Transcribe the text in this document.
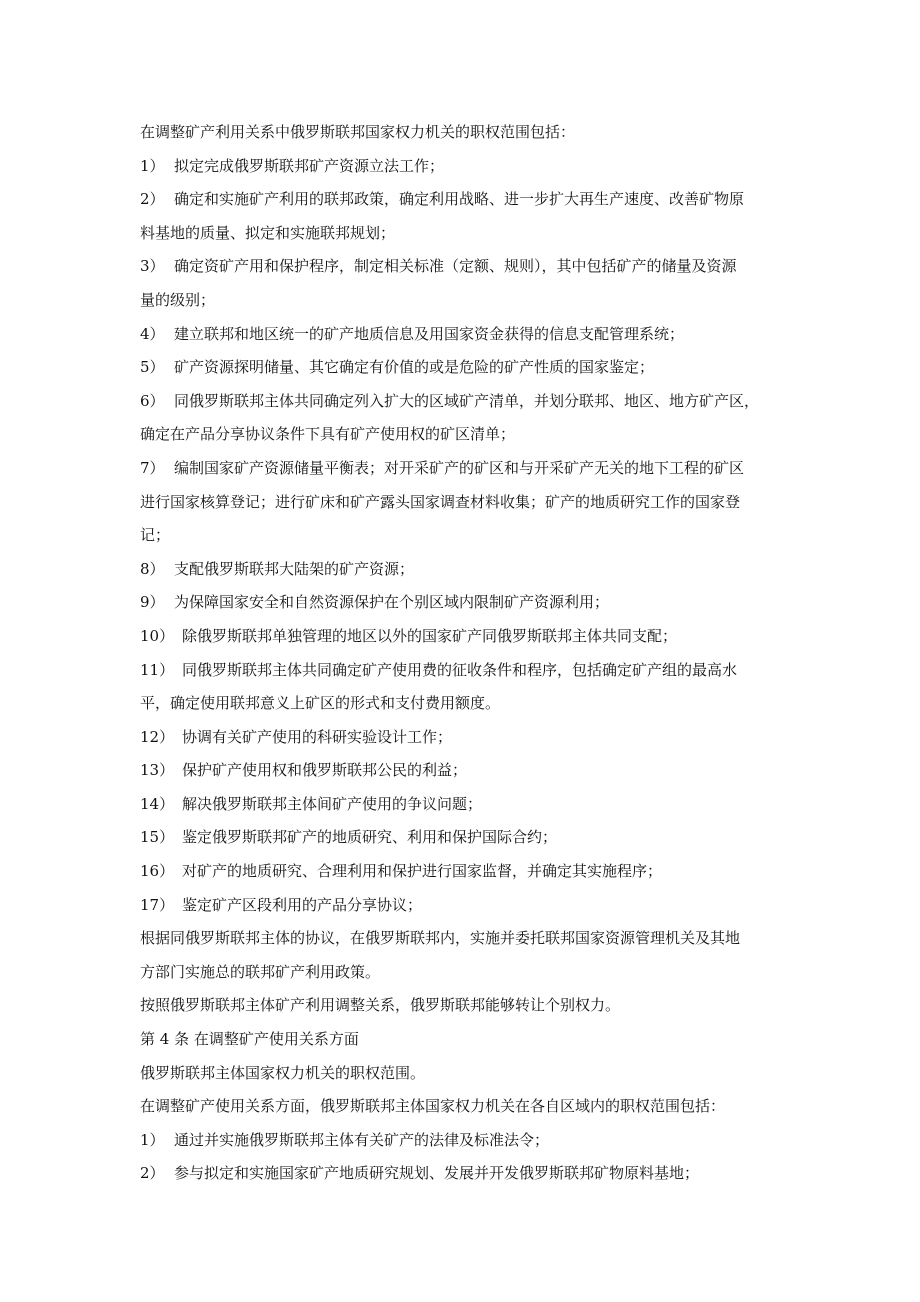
在调整矿产利用关系中俄罗斯联邦国家权力机关的职权范围包括：
1） 拟定完成俄罗斯联邦矿产资源立法工作；
2） 确定和实施矿产利用的联邦政策，确定利用战略、进一步扩大再生产速度、改善矿物原
料基地的质量、拟定和实施联邦规划；
3） 确定资矿产用和保护程序，制定相关标准（定额、规则），其中包括矿产的储量及资源
量的级别；
4） 建立联邦和地区统一的矿产地质信息及用国家资金获得的信息支配管理系统；
5） 矿产资源探明储量、其它确定有价值的或是危险的矿产性质的国家鉴定；
6） 同俄罗斯联邦主体共同确定列入扩大的区域矿产清单，并划分联邦、地区、地方矿产区，
确定在产品分享协议条件下具有矿产使用权的矿区清单；
7） 编制国家矿产资源储量平衡表；对开采矿产的矿区和与开采矿产无关的地下工程的矿区
进行国家核算登记；进行矿床和矿产露头国家调查材料收集；矿产的地质研究工作的国家登
记；
8） 支配俄罗斯联邦大陆架的矿产资源；
9） 为保障国家安全和自然资源保护在个别区域内限制矿产资源利用；
10） 除俄罗斯联邦单独管理的地区以外的国家矿产同俄罗斯联邦主体共同支配；
11） 同俄罗斯联邦主体共同确定矿产使用费的征收条件和程序，包括确定矿产组的最高水
平，确定使用联邦意义上矿区的形式和支付费用额度。
12） 协调有关矿产使用的科研实验设计工作；
13） 保护矿产使用权和俄罗斯联邦公民的利益；
14） 解决俄罗斯联邦主体间矿产使用的争议问题；
15） 鉴定俄罗斯联邦矿产的地质研究、利用和保护国际合约；
16） 对矿产的地质研究、合理利用和保护进行国家监督，并确定其实施程序；
17） 鉴定矿产区段利用的产品分享协议；
根据同俄罗斯联邦主体的协议，在俄罗斯联邦内，实施并委托联邦国家资源管理机关及其地
方部门实施总的联邦矿产利用政策。
按照俄罗斯联邦主体矿产利用调整关系，俄罗斯联邦能够转让个别权力。
第 4 条 在调整矿产使用关系方面
俄罗斯联邦主体国家权力机关的职权范围。
在调整矿产使用关系方面，俄罗斯联邦主体国家权力机关在各自区域内的职权范围包括：
1） 通过并实施俄罗斯联邦主体有关矿产的法律及标准法令；
2） 参与拟定和实施国家矿产地质研究规划、发展并开发俄罗斯联邦矿物原料基地；
